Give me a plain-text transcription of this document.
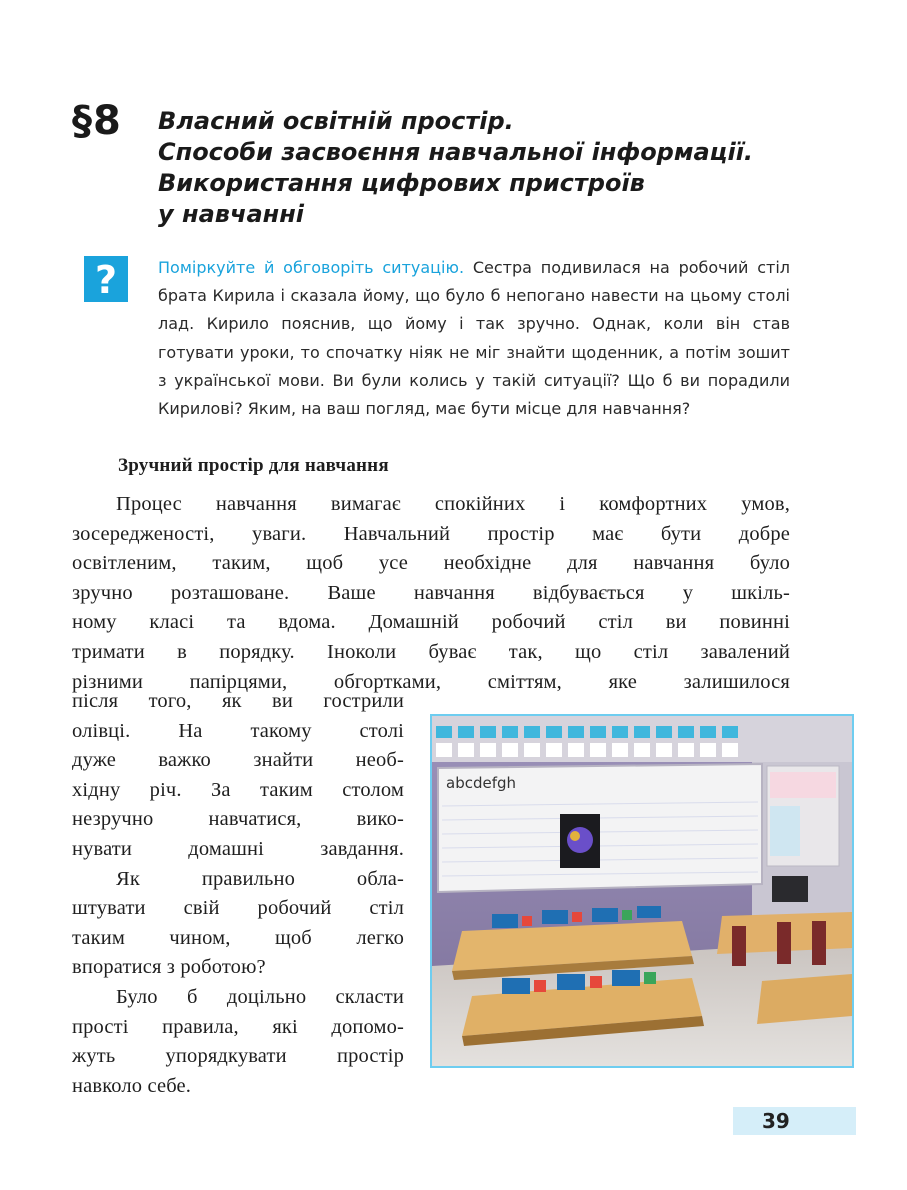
§8 Власний освітній простір.
Способи засвоєння навчальної інформації.
Використання цифрових пристроїв
у навчанні
?	Поміркуйте й обговоріть ситуацію. Сестра подивилася на робочий стіл брата Кирила і сказала йому, що було б непогано навести на цьому столі лад. Кирило пояснив, що йому і так зручно. Однак, коли він став готувати уроки, то спочатку ніяк не міг знайти щоденник, а потім зошит з української мови. Ви були колись у такій ситуації? Що б ви порадили Кирилові? Яким, на ваш погляд, має бути місце для навчання?
Зручний простір для навчання
Процес навчання вимагає спокійних і комфортних умов,
зосередженості, уваги. Навчальний простір має бути добре
освітленим, таким, щоб усе необхідне для навчання було
зручно розташоване. Ваше навчання відбувається у шкіль-
ному класі та вдома. Домашній робочий стіл ви повинні
тримати в порядку. Іноколи буває так, що стіл завалений
різними папірцями, обгортками, сміттям, яке залишилося
після того, як ви гострили
олівці. На такому столі
дуже важко знайти необ-
хідну річ. За таким столом
незручно навчатися, вико-
нувати домашні завдання.
Як правильно обла-
штувати свій робочий стіл
таким чином, щоб легко
впоратися з роботою?
Було б доцільно скласти
прості правила, які допомо-
жуть упорядкувати простір
навколо себе.
abcdefgh
39
